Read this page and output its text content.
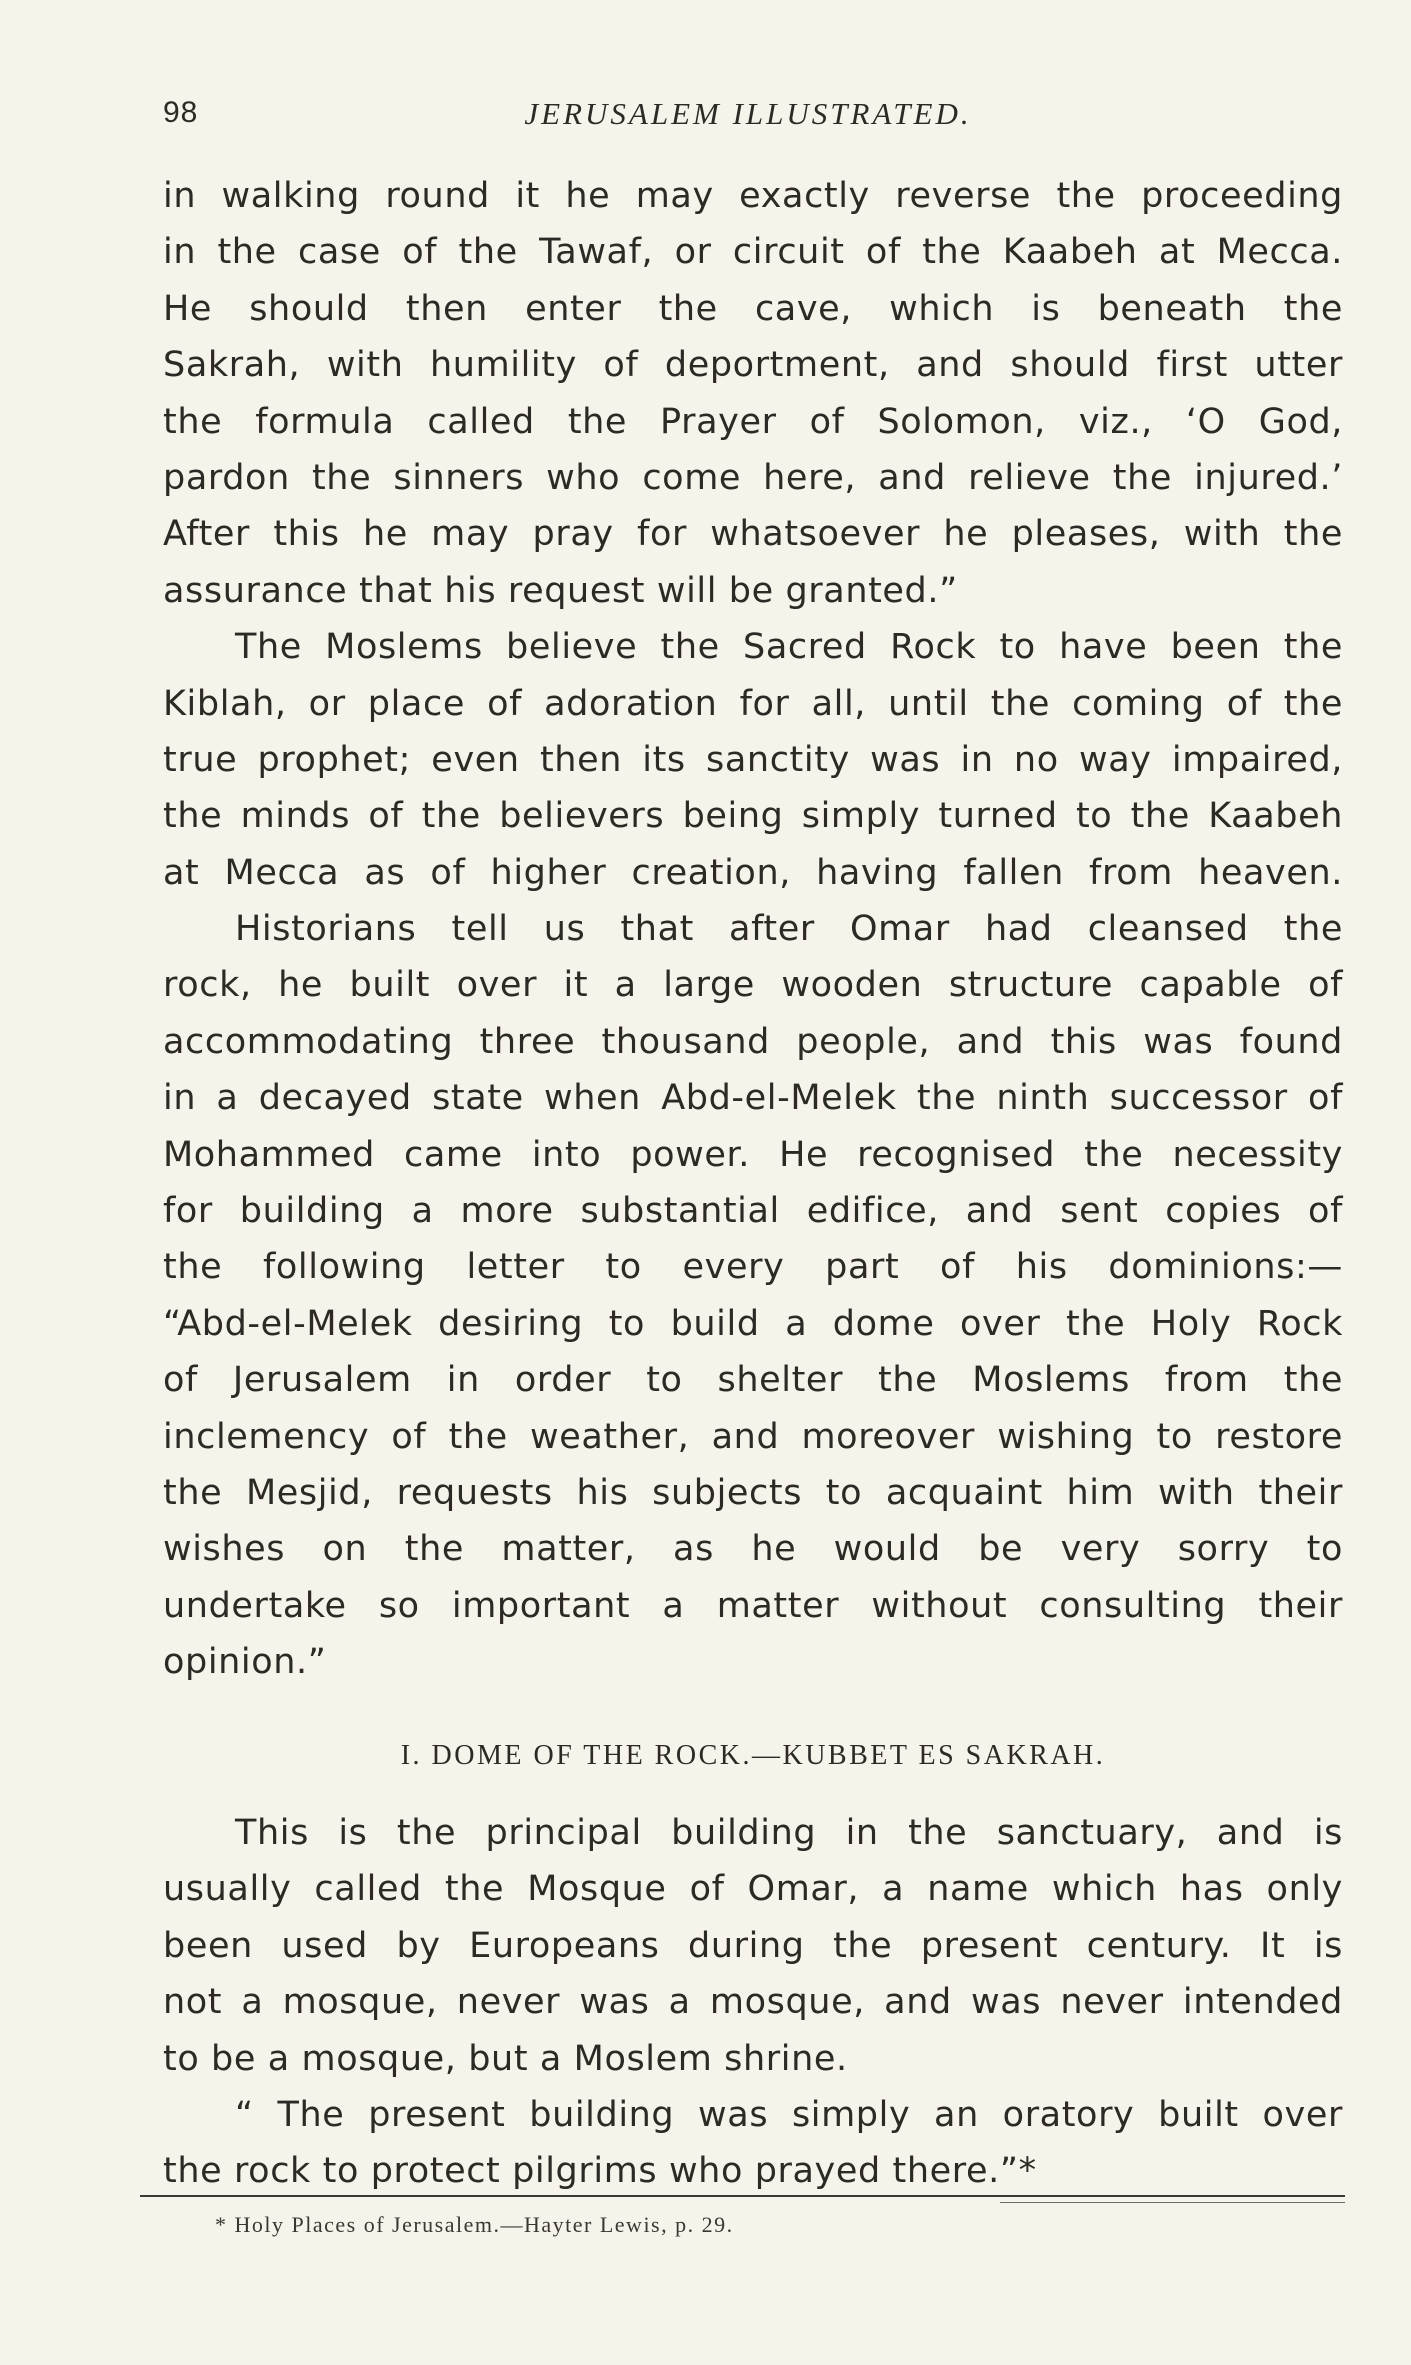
98	JERUSALEM ILLUSTRATED.
in walking round it he may exactly reverse the proceeding
in the case of the Tawaf, or circuit of the Kaabeh at Mecca.
He should then enter the cave, which is beneath the
Sakrah, with humility of deportment, and should first utter
the formula called the Prayer of Solomon, viz., ‘O God,
pardon the sinners who come here, and relieve the injured.’
After this he may pray for whatsoever he pleases, with the
assurance that his request will be granted.”
The Moslems believe the Sacred Rock to have been the
Kiblah, or place of adoration for all, until the coming of the
true prophet; even then its sanctity was in no way impaired,
the minds of the believers being simply turned to the Kaabeh
at Mecca as of higher creation, having fallen from heaven.
Historians tell us that after Omar had cleansed the
rock, he built over it a large wooden structure capable of
accommodating three thousand people, and this was found
in a decayed state when Abd-el-Melek the ninth successor of
Mohammed came into power. He recognised the necessity
for building a more substantial edifice, and sent copies of
the following letter to every part of his dominions:—
“Abd-el-Melek desiring to build a dome over the Holy Rock
of Jerusalem in order to shelter the Moslems from the
inclemency of the weather, and moreover wishing to restore
the Mesjid, requests his subjects to acquaint him with their
wishes on the matter, as he would be very sorry to
undertake so important a matter without consulting their
opinion.”
I. DOME OF THE ROCK.—KUBBET ES SAKRAH.
This is the principal building in the sanctuary, and is
usually called the Mosque of Omar, a name which has only
been used by Europeans during the present century. It is
not a mosque, never was a mosque, and was never intended
to be a mosque, but a Moslem shrine.
“ The present building was simply an oratory built over
the rock to protect pilgrims who prayed there.”*
* Holy Places of Jerusalem.—Hayter Lewis, p. 29.
